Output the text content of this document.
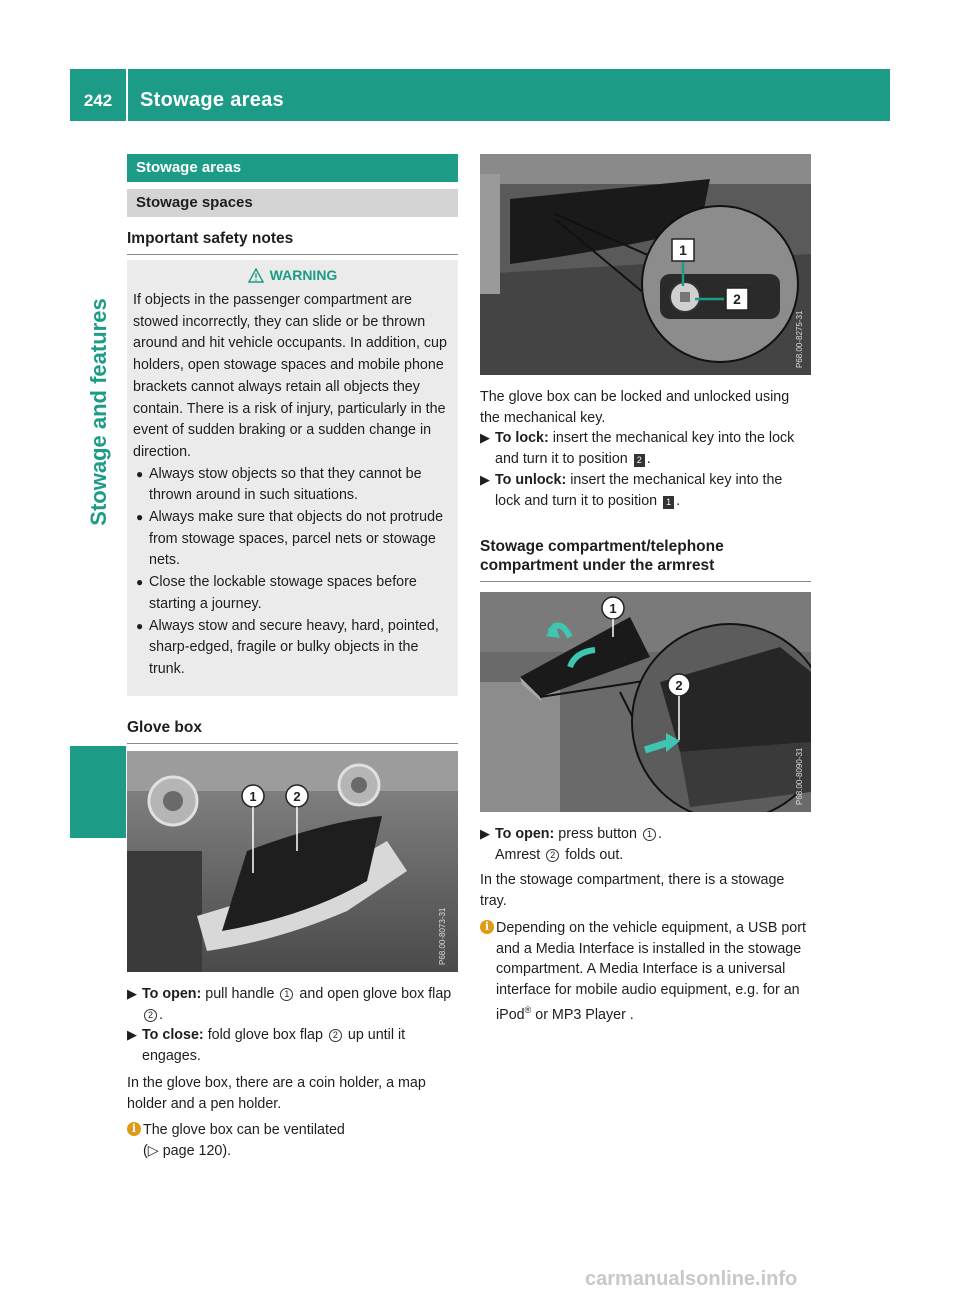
242	Stowage areas
Stowage and features
Stowage areas
Stowage spaces
Important safety notes
WARNING
If objects in the passenger compartment are stowed incorrectly, they can slide or be thrown around and hit vehicle occupants. In addition, cup holders, open stowage spaces and mobile phone brackets cannot always retain all objects they contain. There is a risk of injury, particularly in the event of sudden braking or a sudden change in direction.
● Always stow objects so that they cannot be thrown around in such situations.
● Always make sure that objects do not protrude from stowage spaces, parcel nets or stowage nets.
● Close the lockable stowage spaces before starting a journey.
● Always stow and secure heavy, hard, pointed, sharp-edged, fragile or bulky objects in the trunk.
Glove box
1	2
P68.00-8073-31
▶ To open: pull handle 1 and open glove box flap 2 .
▶ To close: fold glove box flap 2 up until it engages.
In the glove box, there are a coin holder, a map holder and a pen holder.
i The glove box can be ventilated
(▷ page 120).
1
2
P68.00-8275-31
The glove box can be locked and unlocked using the mechanical key.
▶ To lock: insert the mechanical key into the lock and turn it to position 2 .
▶ To unlock: insert the mechanical key into the lock and turn it to position 1 .
Stowage compartment/telephone
compartment under the armrest
1
2
P68.00-8090-31
▶ To open: press button 1 .
Amrest 2 folds out.
In the stowage compartment, there is a stowage tray.
i Depending on the vehicle equipment, a USB port and a Media Interface is installed in the stowage compartment. A Media Interface is a universal interface for mobile audio equipment, e.g. for an iPod® or MP3 Player .
carmanualsonline.info
